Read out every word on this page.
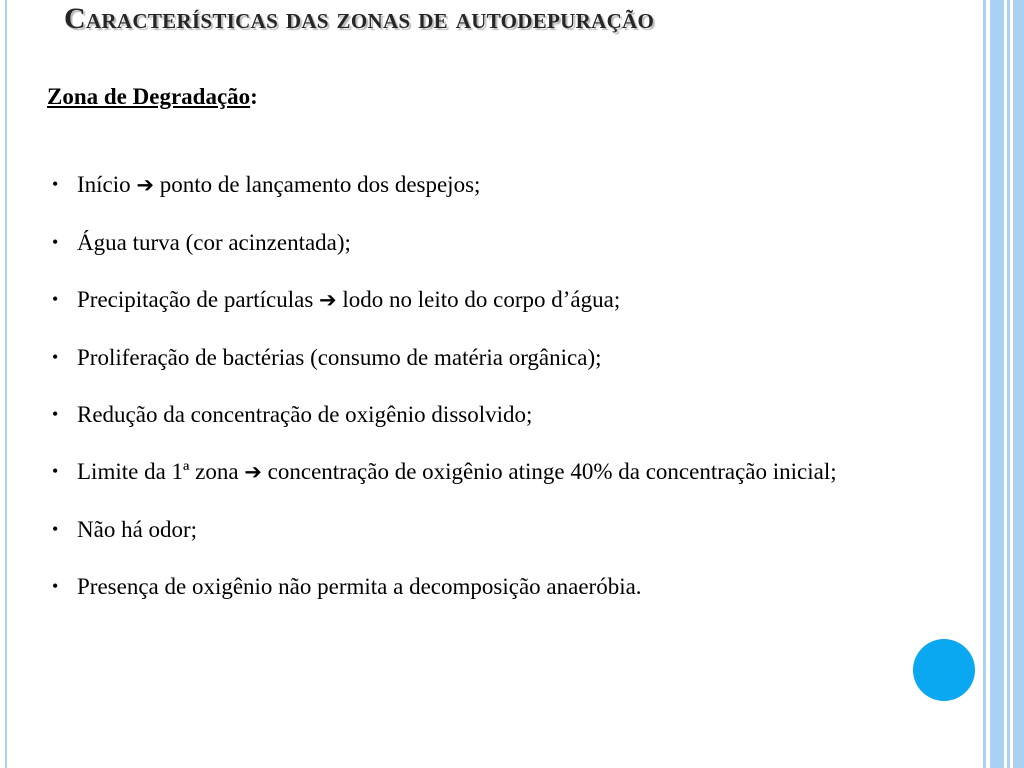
Características das zonas de autodepuração

Zona de Degradação:

• Início ➔ ponto de lançamento dos despejos;
• Água turva (cor acinzentada);
• Precipitação de partículas ➔ lodo no leito do corpo d’água;
• Proliferação de bactérias (consumo de matéria orgânica);
• Redução da concentração de oxigênio dissolvido;
• Limite da 1ª zona ➔ concentração de oxigênio atinge 40% da concentração inicial;
• Não há odor;
• Presença de oxigênio não permita a decomposição anaeróbia.
